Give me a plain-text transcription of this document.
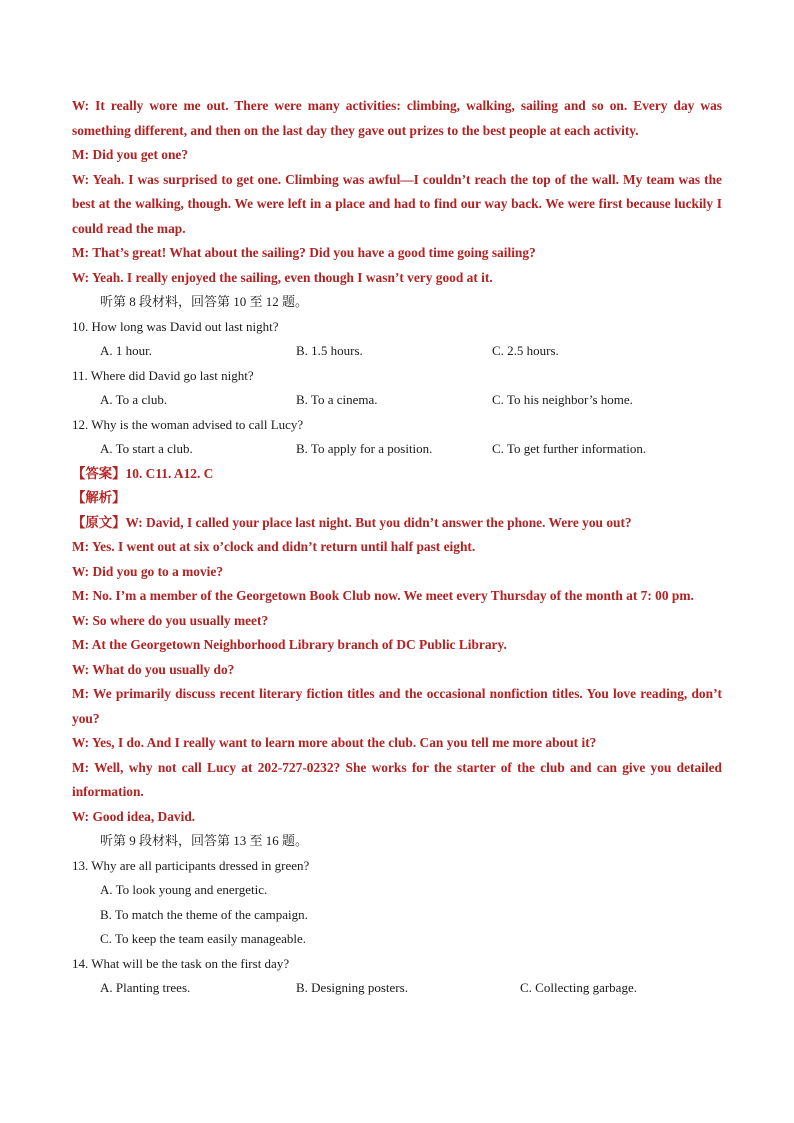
W: It really wore me out. There were many activities: climbing, walking, sailing and so on. Every day was something different, and then on the last day they gave out prizes to the best people at each activity.

M: Did you get one?

W: Yeah. I was surprised to get one. Climbing was awful—I couldn’t reach the top of the wall. My team was the best at the walking, though. We were left in a place and had to find our way back. We were first because luckily I could read the map.

M: That’s great! What about the sailing? Did you have a good time going sailing?

W: Yeah. I really enjoyed the sailing, even though I wasn’t very good at it.

听第 8 段材料，回答第 10 至 12 题。
10. How long was David out last night?
A. 1 hour.	B. 1.5 hours.	C. 2.5 hours.
11. Where did David go last night?
A. To a club.	B. To a cinema.	C. To his neighbor’s home.
12. Why is the woman advised to call Lucy?
A. To start a club.	B. To apply for a position.	C. To get further information.
【答案】10. C11. A12. C
【解析】

【原文】W: David, I called your place last night. But you didn’t answer the phone. Were you out?

M: Yes. I went out at six o’clock and didn’t return until half past eight.

W: Did you go to a movie?

M: No. I’m a member of the Georgetown Book Club now. We meet every Thursday of the month at 7: 00 pm.

W: So where do you usually meet?

M: At the Georgetown Neighborhood Library branch of DC Public Library.

W: What do you usually do?

M: We primarily discuss recent literary fiction titles and the occasional nonfiction titles. You love reading, don’t you?

W: Yes, I do. And I really want to learn more about the club. Can you tell me more about it?

M: Well, why not call Lucy at 202-727-0232? She works for the starter of the club and can give you detailed information.

W: Good idea, David.

听第 9 段材料，回答第 13 至 16 题。
13. Why are all participants dressed in green?
A. To look young and energetic.
B. To match the theme of the campaign.
C. To keep the team easily manageable.
14. What will be the task on the first day?
A. Planting trees.	B. Designing posters.	C. Collecting garbage.
